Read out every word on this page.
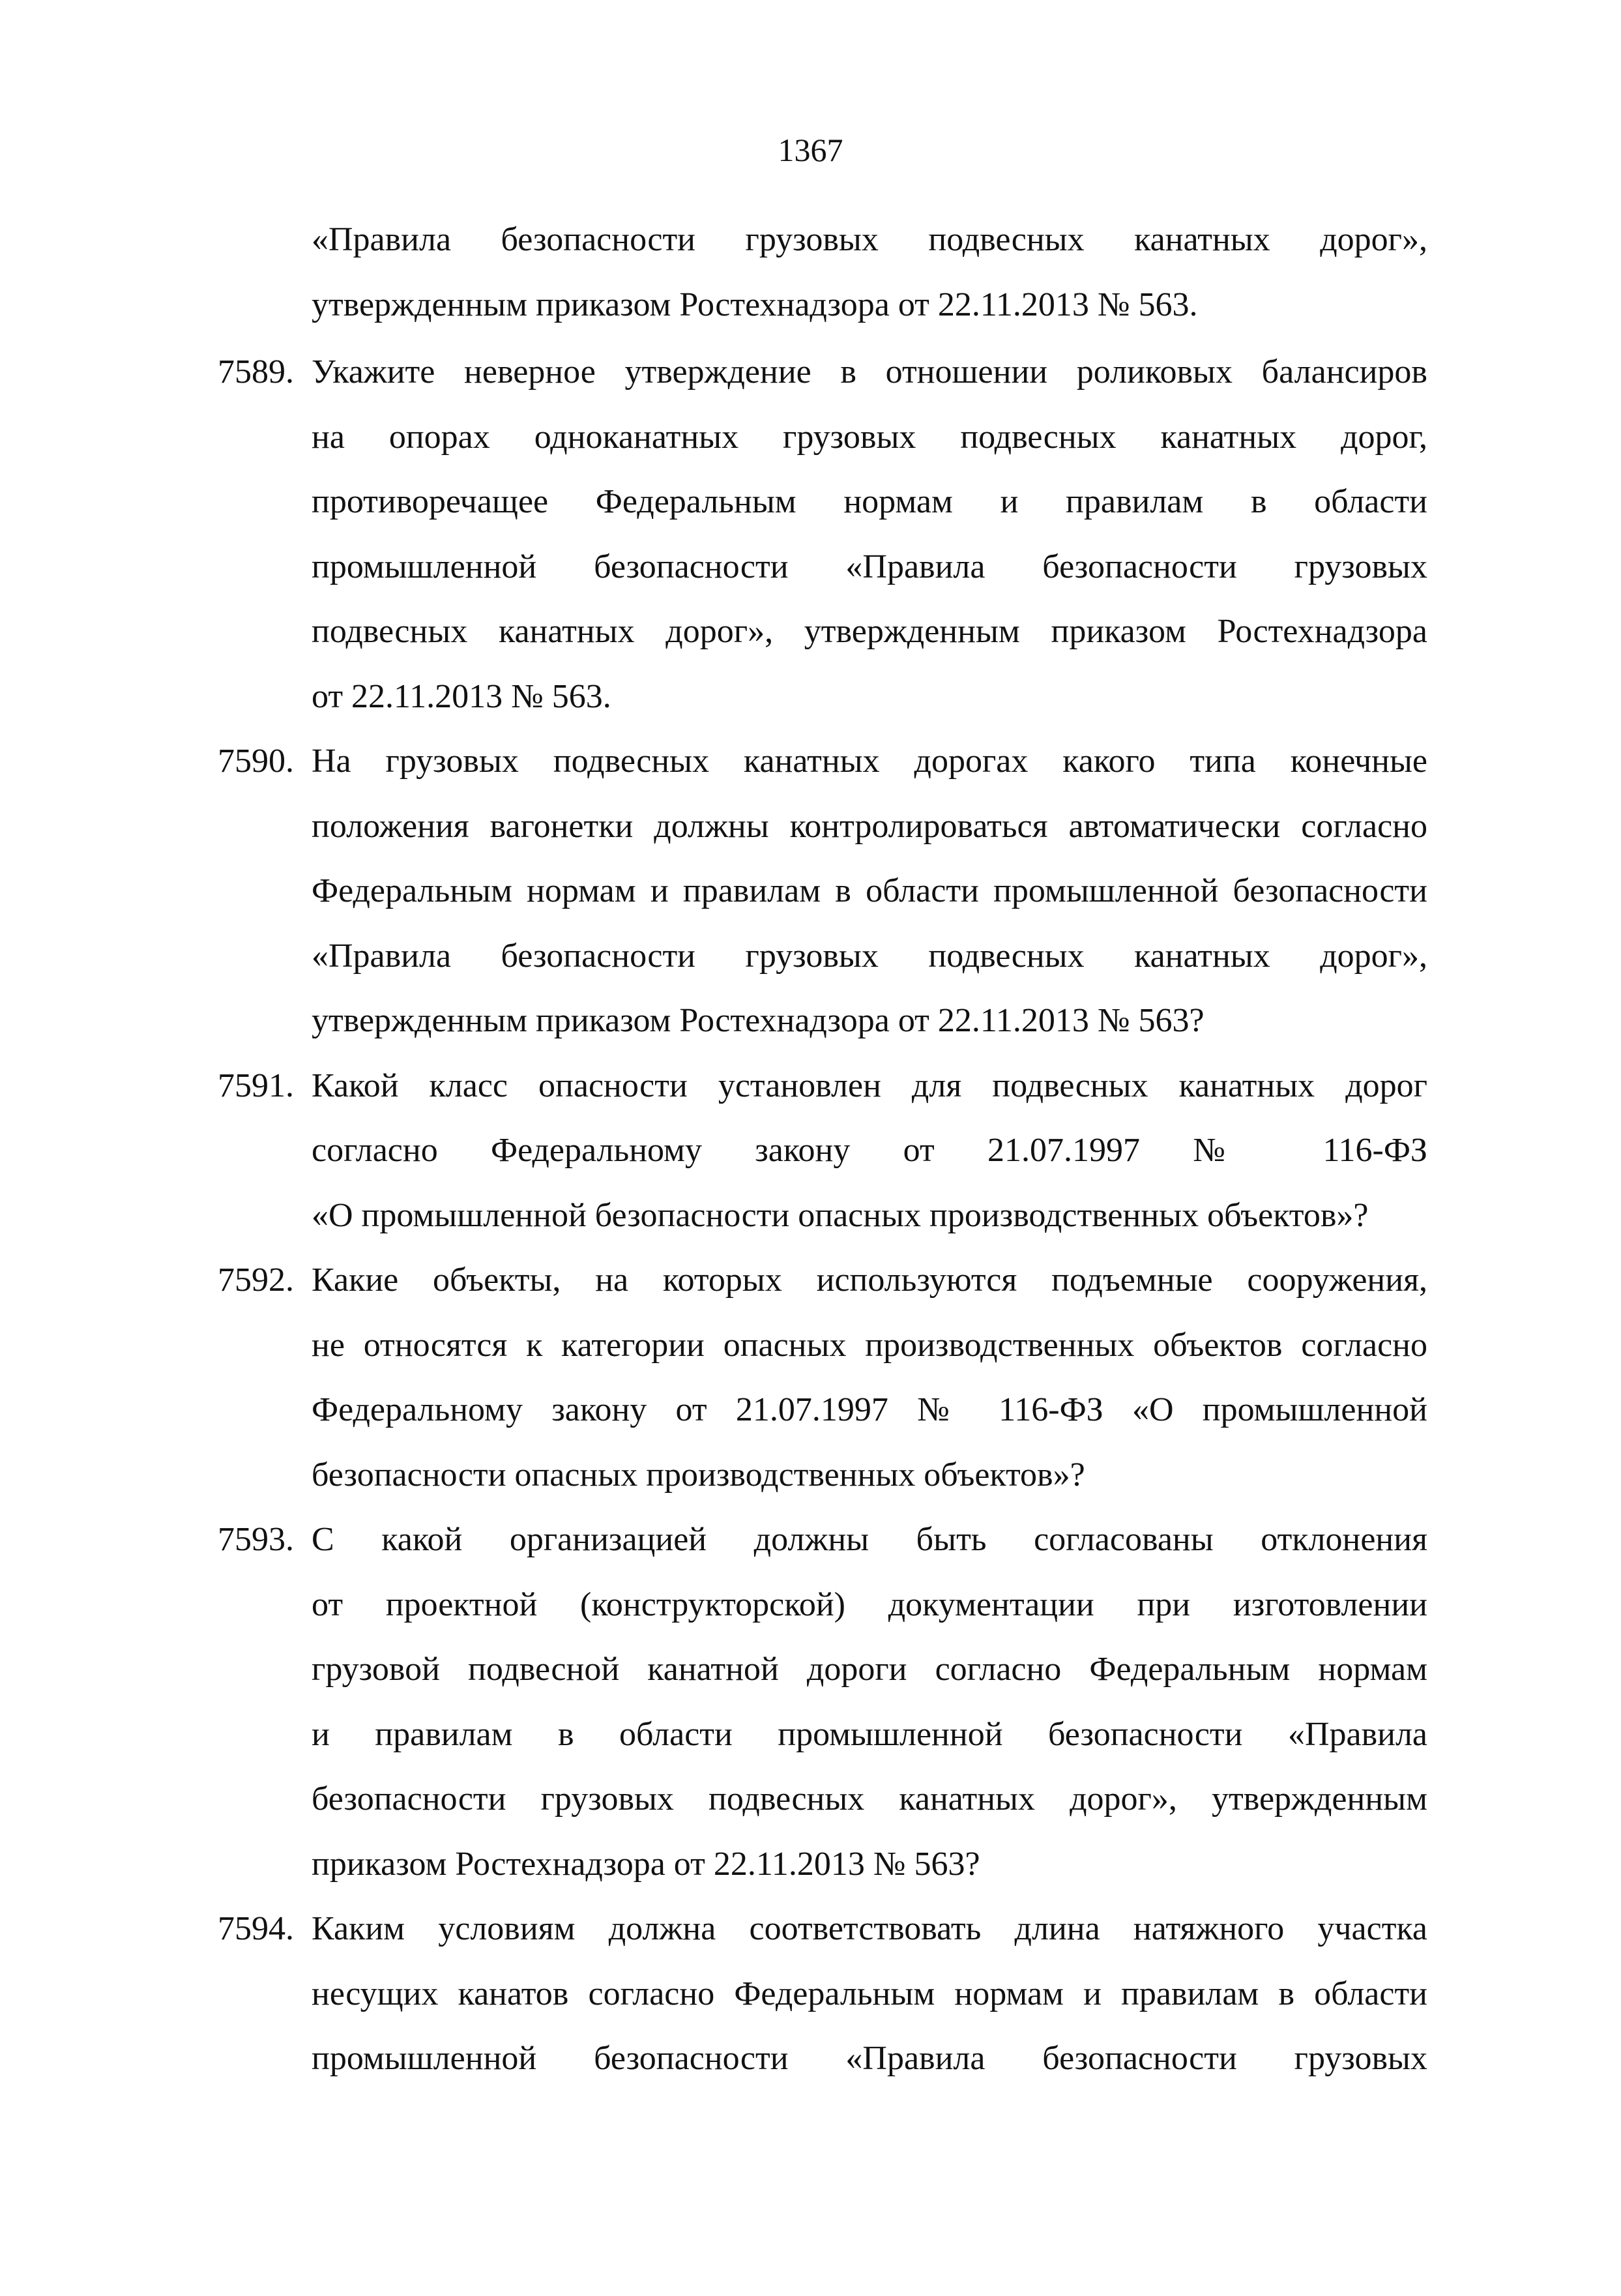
1367
«Правила безопасности грузовых подвесных канатных дорог»,
утвержденным приказом Ростехнадзора от 22.11.2013 № 563.
7589. Укажите неверное утверждение в отношении роликовых балансиров
на опорах одноканатных грузовых подвесных канатных дорог,
противоречащее Федеральным нормам и правилам в области
промышленной безопасности «Правила безопасности грузовых
подвесных канатных дорог», утвержденным приказом Ростехнадзора
от 22.11.2013 № 563.
7590. На грузовых подвесных канатных дорогах какого типа конечные
положения вагонетки должны контролироваться автоматически согласно
Федеральным нормам и правилам в области промышленной безопасности
«Правила безопасности грузовых подвесных канатных дорог»,
утвержденным приказом Ростехнадзора от 22.11.2013 № 563?
7591. Какой класс опасности установлен для подвесных канатных дорог
согласно Федеральному закону от 21.07.1997 № 116-ФЗ
«О промышленной безопасности опасных производственных объектов»?
7592. Какие объекты, на которых используются подъемные сооружения,
не относятся к категории опасных производственных объектов согласно
Федеральному закону от 21.07.1997 № 116-ФЗ «О промышленной
безопасности опасных производственных объектов»?
7593. С какой организацией должны быть согласованы отклонения
от проектной (конструкторской) документации при изготовлении
грузовой подвесной канатной дороги согласно Федеральным нормам
и правилам в области промышленной безопасности «Правила
безопасности грузовых подвесных канатных дорог», утвержденным
приказом Ростехнадзора от 22.11.2013 № 563?
7594. Каким условиям должна соответствовать длина натяжного участка
несущих канатов согласно Федеральным нормам и правилам в области
промышленной безопасности «Правила безопасности грузовых
